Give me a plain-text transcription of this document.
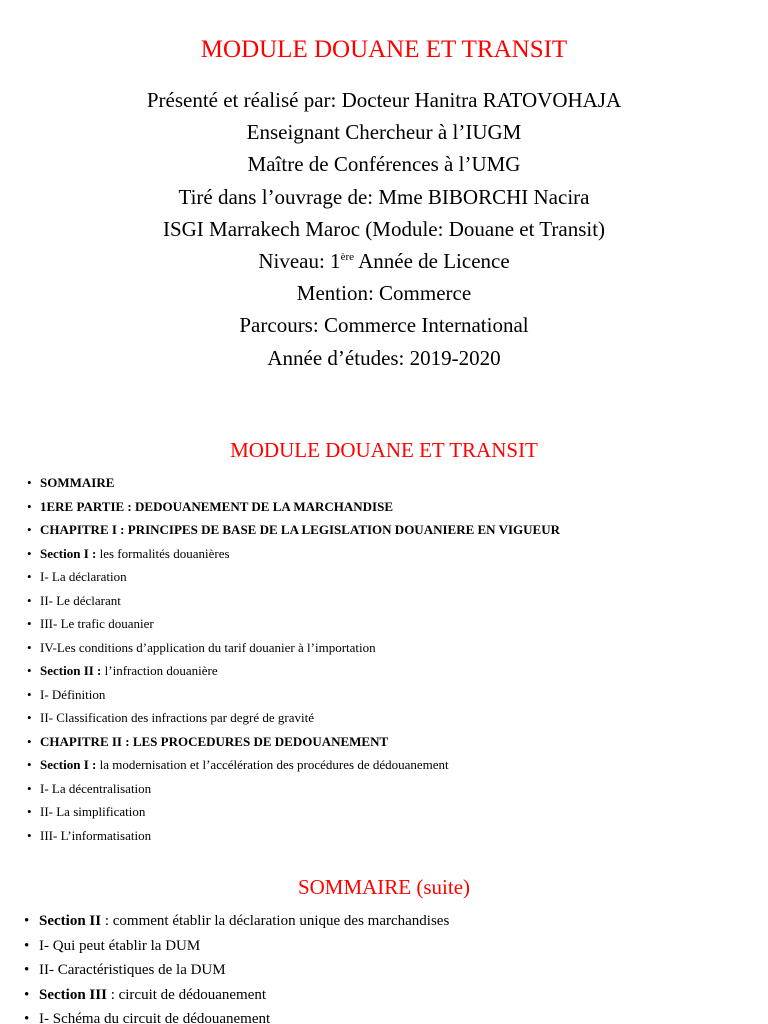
MODULE DOUANE ET TRANSIT
Présenté et réalisé par: Docteur Hanitra RATOVOHAJA
Enseignant Chercheur à l’IUGM
Maître de Conférences à l’UMG
Tiré dans l’ouvrage de: Mme BIBORCHI Nacira
ISGI Marrakech Maroc (Module: Douane et Transit)
Niveau: 1ère Année de Licence
Mention: Commerce
Parcours: Commerce International
Année d’études: 2019-2020
MODULE DOUANE ET TRANSIT
• SOMMAIRE
• 1ERE PARTIE : DEDOUANEMENT DE LA MARCHANDISE
• CHAPITRE I : PRINCIPES DE BASE DE LA LEGISLATION DOUANIERE EN VIGUEUR
• Section I : les formalités douanières
• I- La déclaration
• II- Le déclarant
• III- Le trafic douanier
• IV-Les conditions d’application du tarif douanier à l’importation
• Section II : l’infraction douanière
• I- Définition
• II- Classification des infractions par degré de gravité
• CHAPITRE II : LES PROCEDURES DE DEDOUANEMENT
• Section I : la modernisation et l’accélération des procédures de dédouanement
• I- La décentralisation
• II- La simplification
• III- L’informatisation
SOMMAIRE (suite)
• Section II : comment établir la déclaration unique des marchandises
• I- Qui peut établir la DUM
• II- Caractéristiques de la DUM
• Section III : circuit de dédouanement
• I- Schéma du circuit de dédouanement
